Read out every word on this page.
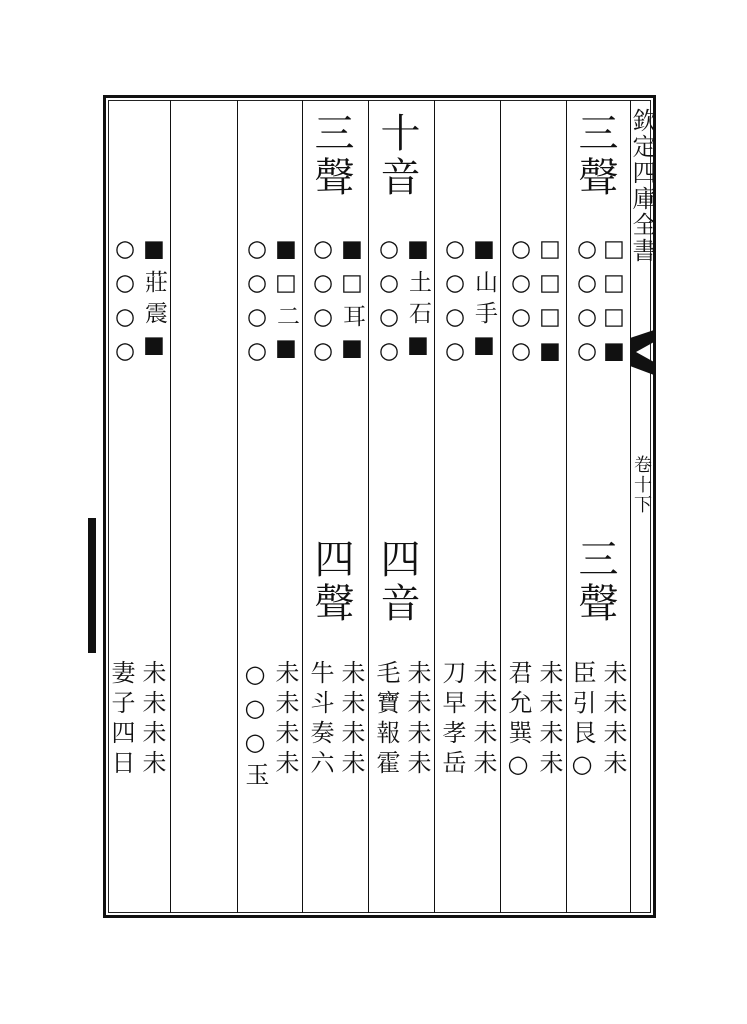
欽定四庫全書
卷十下
三聲
○○○○ □□□■
三聲
未未未未
臣引艮○
○○○○ □□□■
未未未未
君允巽○
○○○○ ■山手■
未未未未
刀早孝岳
十音
○○○○ ■土石■
四音
未未未未
毛寶報霍
三聲
○○○○ ■□耳■
四聲
未未未未
牛斗奏六
○○○○ ■□二■
未未未未
○○○玉
○○○○ ■莊震■
未未未未
妻子四日
